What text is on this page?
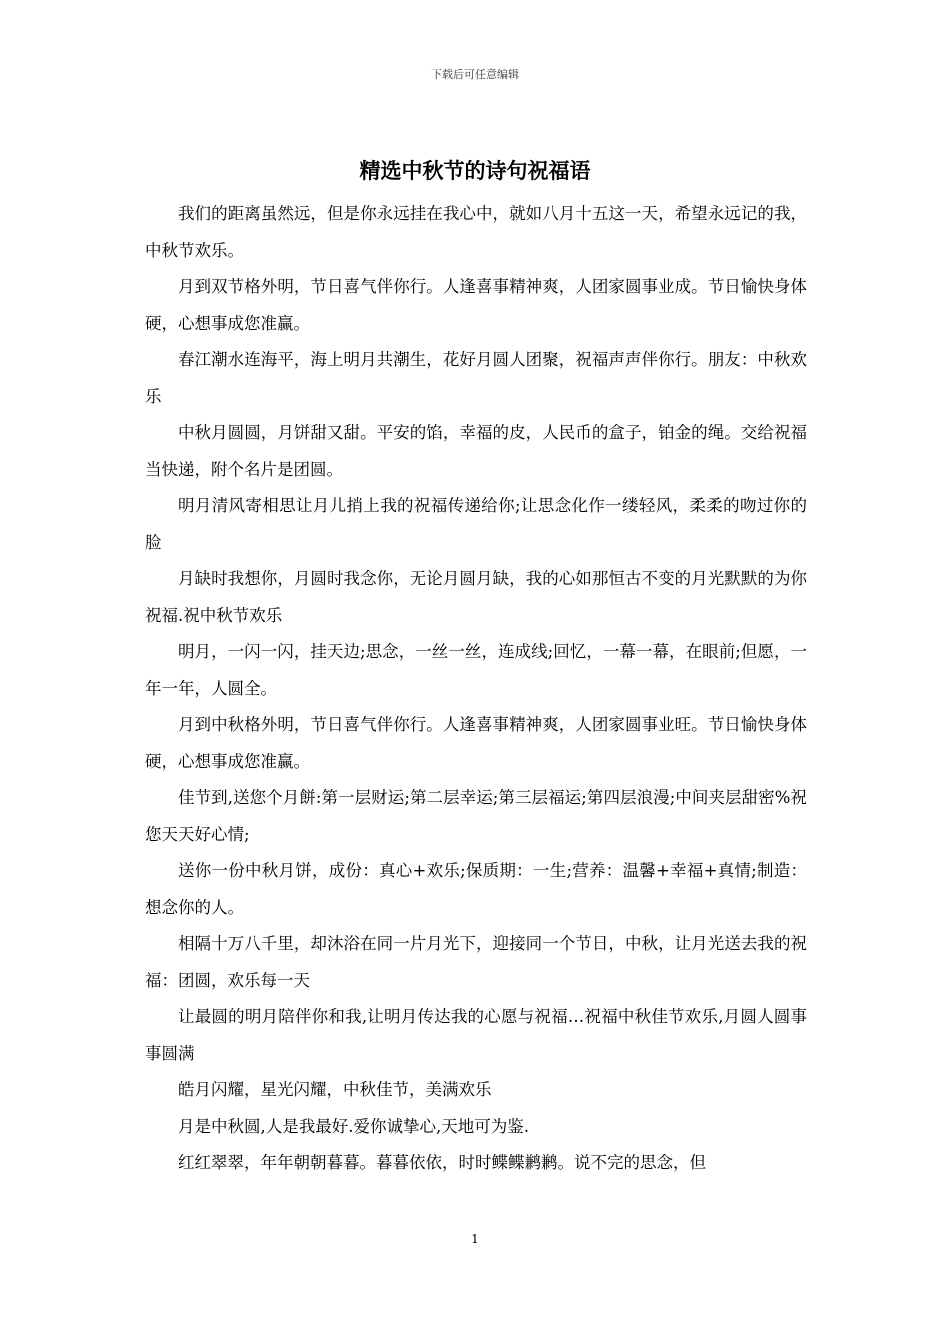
下载后可任意编辑
精选中秋节的诗句祝福语

我们的距离虽然远，但是你永远挂在我心中，就如八月十五这一天，希望永远记的我，中秋节欢乐。

月到双节格外明，节日喜气伴你行。人逢喜事精神爽，人团家圆事业成。节日愉快身体硬，心想事成您准赢。

春江潮水连海平，海上明月共潮生，花好月圆人团聚，祝福声声伴你行。朋友：中秋欢乐

中秋月圆圆，月饼甜又甜。平安的馅，幸福的皮，人民币的盒子，铂金的绳。交给祝福当快递，附个名片是团圆。

明月清风寄相思让月儿捎上我的祝福传递给你;让思念化作一缕轻风，柔柔的吻过你的脸

月缺时我想你，月圆时我念你，无论月圆月缺，我的心如那恒古不变的月光默默的为你祝福.祝中秋节欢乐

明月，一闪一闪，挂天边;思念，一丝一丝，连成线;回忆，一幕一幕，在眼前;但愿，一年一年，人圆全。

月到中秋格外明，节日喜气伴你行。人逢喜事精神爽，人团家圆事业旺。节日愉快身体硬，心想事成您准赢。

佳节到,送您个月餅:第一层财运;第二层幸运;第三层福运;第四层浪漫;中间夹层甜密%祝您天天好心情;

送你一份中秋月饼，成份：真心+欢乐;保质期：一生;营养：温馨+幸福+真情;制造：想念你的人。

相隔十万八千里，却沐浴在同一片月光下，迎接同一个节日，中秋，让月光送去我的祝福：团圆，欢乐每一天

让最圆的明月陪伴你和我,让明月传达我的心愿与祝福…祝福中秋佳节欢乐,月圆人圆事事圆满

皓月闪耀，星光闪耀，中秋佳节，美满欢乐

月是中秋圆,人是我最好.爱你诚挚心,天地可为鉴.

红红翠翠，年年朝朝暮暮。暮暮依依，时时鲽鲽鹣鹣。说不完的思念，但

1
